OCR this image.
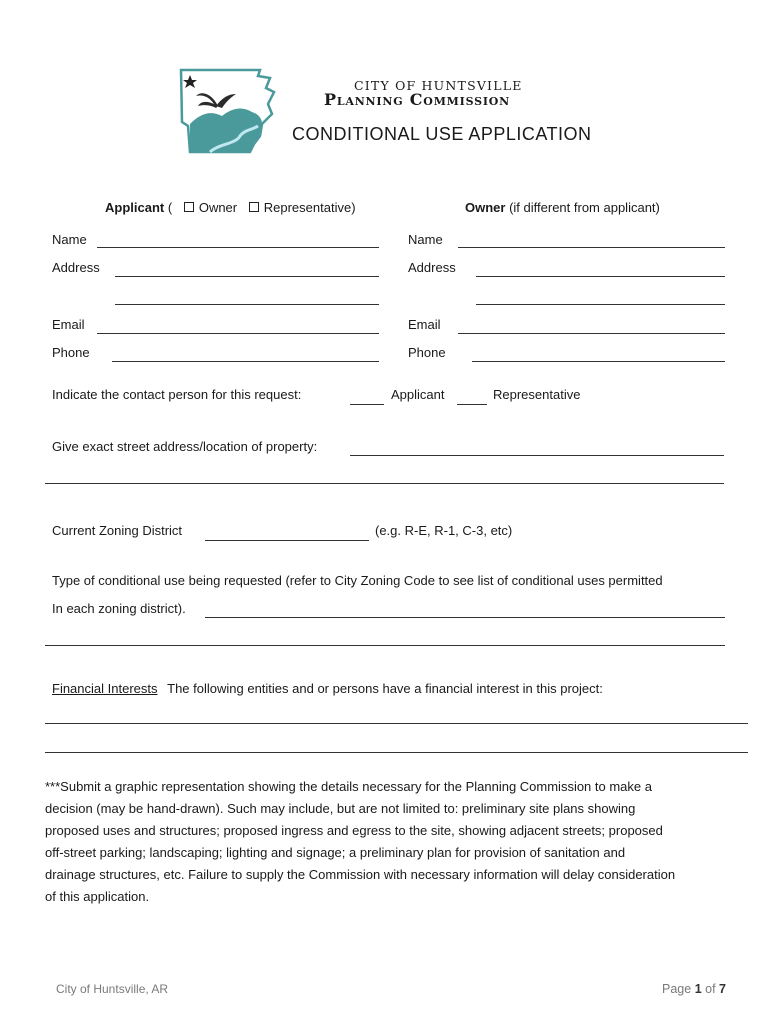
CITY OF HUNTSVILLE
Planning Commission
CONDITIONAL USE APPLICATION
Applicant ( Owner Representative)
Name
Address
Email
Phone
Owner (if different from applicant)
Name
Address
Email
Phone
Indicate the contact person for this request:	Applicant	Representative
Give exact street address/location of property:
Current Zoning District	(e.g. R-E, R-1, C-3, etc)
Type of conditional use being requested (refer to City Zoning Code to see list of conditional uses permitted
In each zoning district).
Financial Interests The following entities and or persons have a financial interest in this project:
***Submit a graphic representation showing the details necessary for the Planning Commission to make a
decision (may be hand-drawn). Such may include, but are not limited to: preliminary site plans showing
proposed uses and structures; proposed ingress and egress to the site, showing adjacent streets; proposed
off-street parking; landscaping; lighting and signage; a preliminary plan for provision of sanitation and
drainage structures, etc. Failure to supply the Commission with necessary information will delay consideration
of this application.
City of Huntsville, AR	Page 1 of 7
